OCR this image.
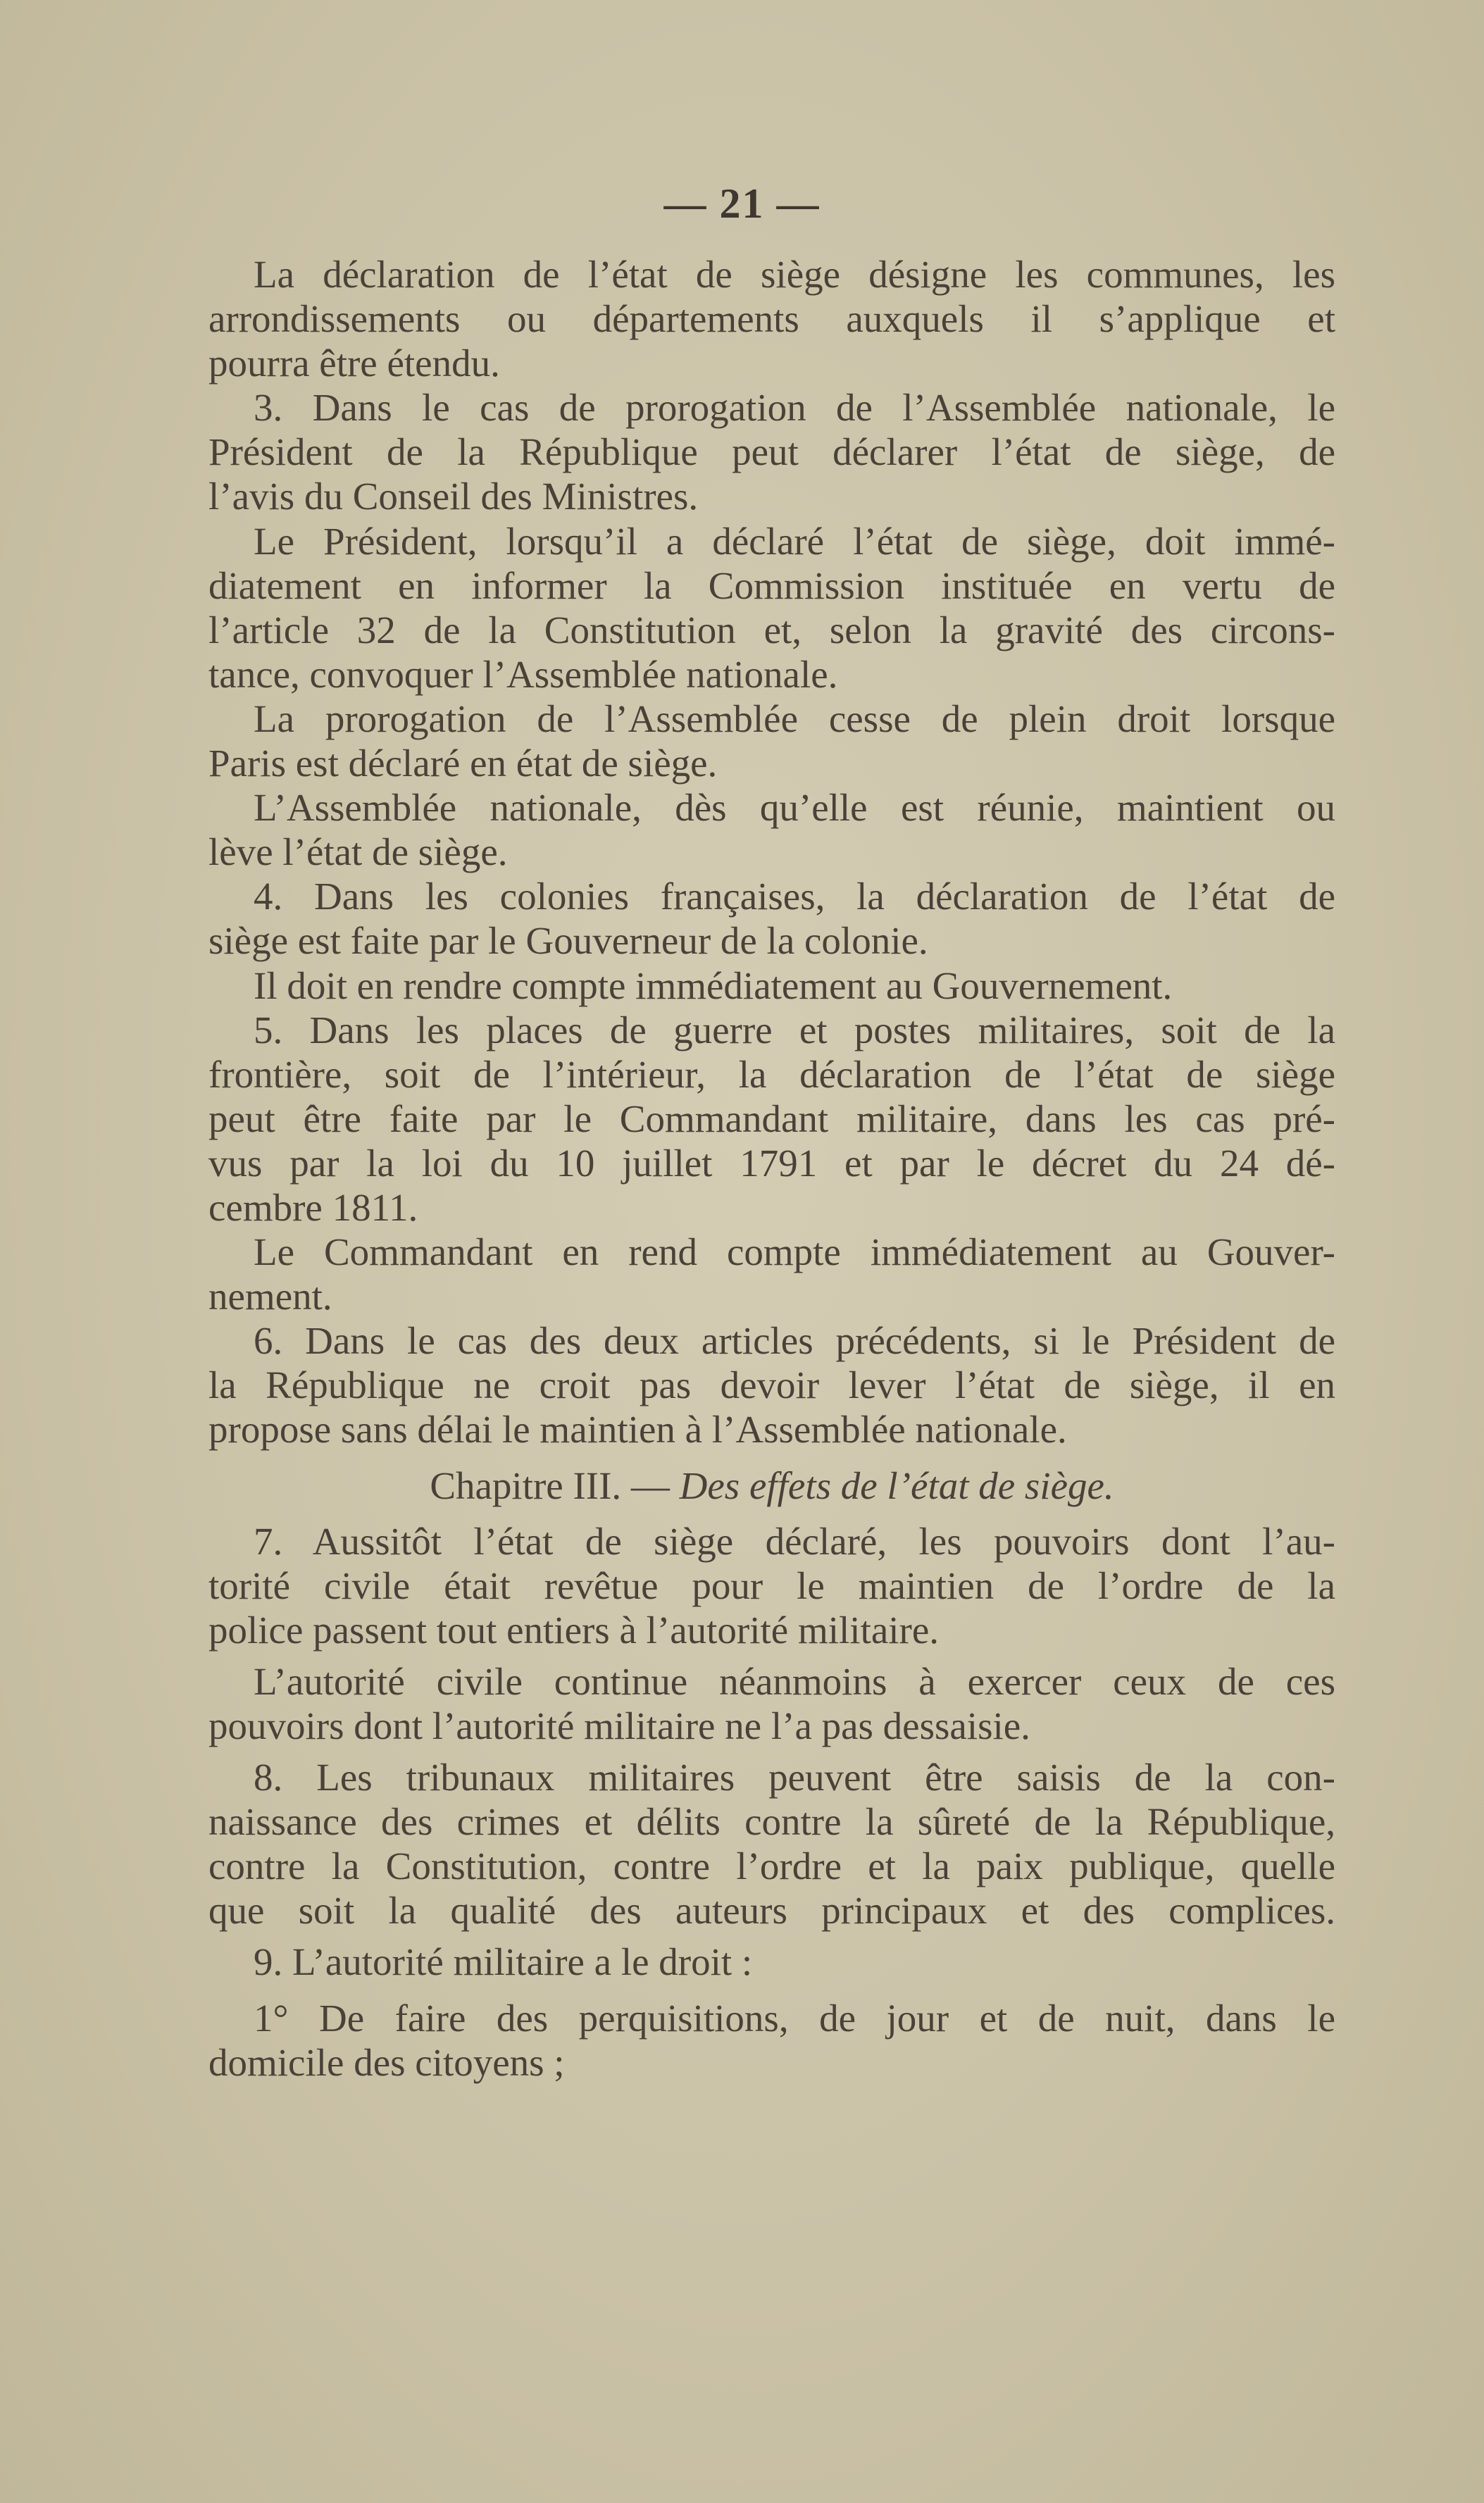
— 21 —
La déclaration de l’état de siège désigne les communes, les
arrondissements ou départements auxquels il s’applique et
pourra être étendu.
3. Dans le cas de prorogation de l’Assemblée nationale, le
Président de la République peut déclarer l’état de siège, de
l’avis du Conseil des Ministres.
Le Président, lorsqu’il a déclaré l’état de siège, doit immé-
diatement en informer la Commission instituée en vertu de
l’article 32 de la Constitution et, selon la gravité des circons-
tance, convoquer l’Assemblée nationale.
La prorogation de l’Assemblée cesse de plein droit lorsque
Paris est déclaré en état de siège.
L’Assemblée nationale, dès qu’elle est réunie, maintient ou
lève l’état de siège.
4. Dans les colonies françaises, la déclaration de l’état de
siège est faite par le Gouverneur de la colonie.
Il doit en rendre compte immédiatement au Gouvernement.
5. Dans les places de guerre et postes militaires, soit de la
frontière, soit de l’intérieur, la déclaration de l’état de siège
peut être faite par le Commandant militaire, dans les cas pré-
vus par la loi du 10 juillet 1791 et par le décret du 24 dé-
cembre 1811.
Le Commandant en rend compte immédiatement au Gouver-
nement.
6. Dans le cas des deux articles précédents, si le Président de
la République ne croit pas devoir lever l’état de siège, il en
propose sans délai le maintien à l’Assemblée nationale.
Chapitre III. — Des effets de l’état de siège.
7. Aussitôt l’état de siège déclaré, les pouvoirs dont l’au-
torité civile était revêtue pour le maintien de l’ordre de la
police passent tout entiers à l’autorité militaire.
L’autorité civile continue néanmoins à exercer ceux de ces
pouvoirs dont l’autorité militaire ne l’a pas dessaisie.
8. Les tribunaux militaires peuvent être saisis de la con-
naissance des crimes et délits contre la sûreté de la République,
contre la Constitution, contre l’ordre et la paix publique, quelle
que soit la qualité des auteurs principaux et des complices.
9. L’autorité militaire a le droit :
1° De faire des perquisitions, de jour et de nuit, dans le
domicile des citoyens ;
